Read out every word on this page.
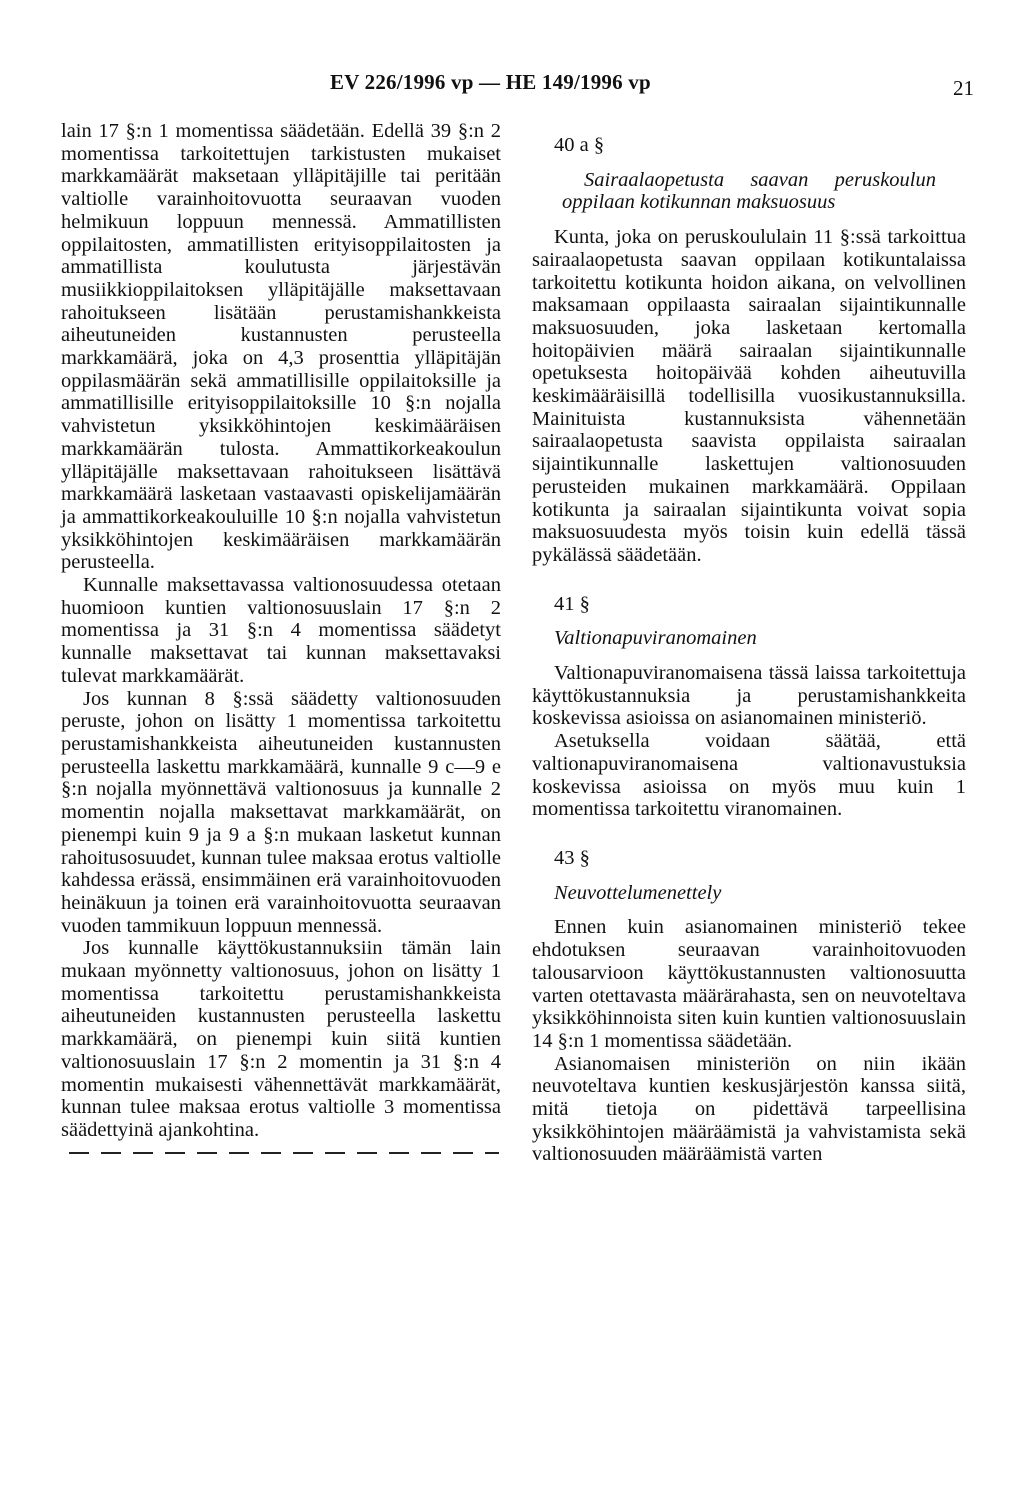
EV 226/1996 vp — HE 149/1996 vp	21

lain 17 §:n 1 momentissa säädetään. Edellä 39 §:n 2 momentissa tarkoitettujen tarkistusten mukaiset markkamäärät maksetaan ylläpitäjille tai peritään valtiolle varainhoitovuotta seuraavan vuoden helmikuun loppuun mennessä. Ammatillisten oppilaitosten, ammatillisten erityisoppilaitosten ja ammatillista koulutusta järjestävän musiikkioppilaitoksen ylläpitäjälle maksettavaan rahoitukseen lisätään perustamishankkeista aiheutuneiden kustannusten perusteella markkamäärä, joka on 4,3 prosenttia ylläpitäjän oppilasmäärän sekä ammatillisille oppilaitoksille ja ammatillisille erityisoppilaitoksille 10 §:n nojalla vahvistetun yksikköhintojen keskimääräisen markkamäärän tulosta. Ammattikorkeakoulun ylläpitäjälle maksettavaan rahoitukseen lisättävä markkamäärä lasketaan vastaavasti opiskelijamäärän ja ammattikorkeakouluille 10 §:n nojalla vahvistetun yksikköhintojen keskimääräisen markkamäärän perusteella.

Kunnalle maksettavassa valtionosuudessa otetaan huomioon kuntien valtionosuuslain 17 §:n 2 momentissa ja 31 §:n 4 momentissa säädetyt kunnalle maksettavat tai kunnan maksettavaksi tulevat markkamäärät.

Jos kunnan 8 §:ssä säädetty valtionosuuden peruste, johon on lisätty 1 momentissa tarkoitettu perustamishankkeista aiheutuneiden kustannusten perusteella laskettu markkamäärä, kunnalle 9 c—9 e §:n nojalla myönnettävä valtionosuus ja kunnalle 2 momentin nojalla maksettavat markkamäärät, on pienempi kuin 9 ja 9 a §:n mukaan lasketut kunnan rahoitusosuudet, kunnan tulee maksaa erotus valtiolle kahdessa erässä, ensimmäinen erä varainhoitovuoden heinäkuun ja toinen erä varainhoitovuotta seuraavan vuoden tammikuun loppuun mennessä.

Jos kunnalle käyttökustannuksiin tämän lain mukaan myönnetty valtionosuus, johon on lisätty 1 momentissa tarkoitettu perustamishankkeista aiheutuneiden kustannusten perusteella laskettu markkamäärä, on pienempi kuin siitä kuntien valtionosuuslain 17 §:n 2 momentin ja 31 §:n 4 momentin mukaisesti vähennettävät markkamäärät, kunnan tulee maksaa erotus valtiolle 3 momentissa säädettyinä ajankohtina.

40 a §

Sairaalaopetusta saavan peruskoulun oppilaan kotikunnan maksuosuus

Kunta, joka on peruskoululain 11 §:ssä tarkoittua sairaalaopetusta saavan oppilaan kotikuntalaissa tarkoitettu kotikunta hoidon aikana, on velvollinen maksamaan oppilaasta sairaalan sijaintikunnalle maksuosuuden, joka lasketaan kertomalla hoitopäivien määrä sairaalan sijaintikunnalle opetuksesta hoitopäivää kohden aiheutuvilla keskimääräisillä todellisilla vuosikustannuksilla. Mainituista kustannuksista vähennetään sairaalaopetusta saavista oppilaista sairaalan sijaintikunnalle laskettujen valtionosuuden perusteiden mukainen markkamäärä. Oppilaan kotikunta ja sairaalan sijaintikunta voivat sopia maksuosuudesta myös toisin kuin edellä tässä pykälässä säädetään.

41 §

Valtionapuviranomainen

Valtionapuviranomaisena tässä laissa tarkoitettuja käyttökustannuksia ja perustamishankkeita koskevissa asioissa on asianomainen ministeriö.

Asetuksella voidaan säätää, että valtionapuviranomaisena valtionavustuksia koskevissa asioissa on myös muu kuin 1 momentissa tarkoitettu viranomainen.

43 §

Neuvottelumenettely

Ennen kuin asianomainen ministeriö tekee ehdotuksen seuraavan varainhoitovuoden talousarvioon käyttökustannusten valtionosuutta varten otettavasta määrärahasta, sen on neuvoteltava yksikköhinnoista siten kuin kuntien valtionosuuslain 14 §:n 1 momentissa säädetään.

Asianomaisen ministeriön on niin ikään neuvoteltava kuntien keskusjärjestön kanssa siitä, mitä tietoja on pidettävä tarpeellisina yksikköhintojen määräämistä ja vahvistamista sekä valtionosuuden määräämistä varten
